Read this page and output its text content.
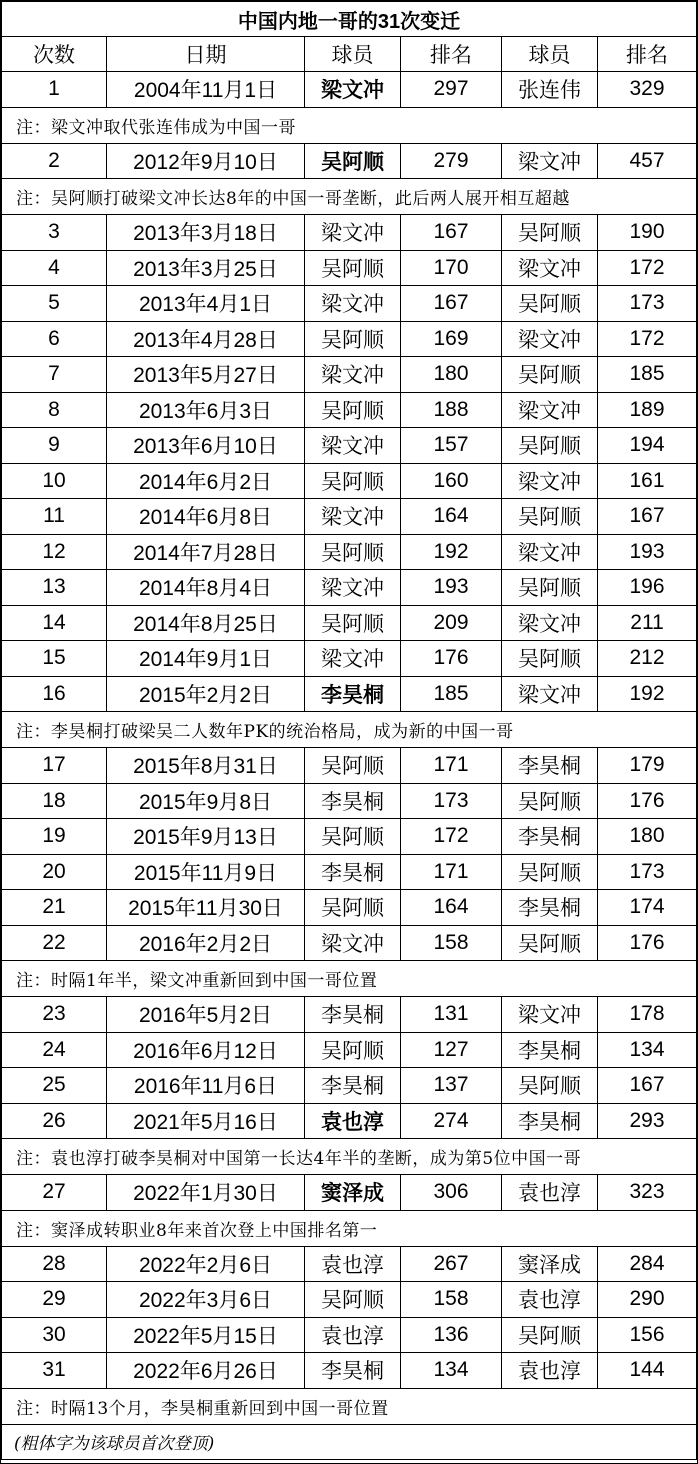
中国内地一哥的31次变迁					
次数	日期	球员	排名	球员	排名
1	2004年11月1日	梁文冲	297	张连伟	329
注：梁文冲取代张连伟成为中国一哥					
2	2012年9月10日	吴阿顺	279	梁文冲	457
注：吴阿顺打破梁文冲长达8年的中国一哥垄断，此后两人展开相互超越					
3	2013年3月18日	梁文冲	167	吴阿顺	190
4	2013年3月25日	吴阿顺	170	梁文冲	172
5	2013年4月1日	梁文冲	167	吴阿顺	173
6	2013年4月28日	吴阿顺	169	梁文冲	172
7	2013年5月27日	梁文冲	180	吴阿顺	185
8	2013年6月3日	吴阿顺	188	梁文冲	189
9	2013年6月10日	梁文冲	157	吴阿顺	194
10	2014年6月2日	吴阿顺	160	梁文冲	161
11	2014年6月8日	梁文冲	164	吴阿顺	167
12	2014年7月28日	吴阿顺	192	梁文冲	193
13	2014年8月4日	梁文冲	193	吴阿顺	196
14	2014年8月25日	吴阿顺	209	梁文冲	211
15	2014年9月1日	梁文冲	176	吴阿顺	212
16	2015年2月2日	李昊桐	185	梁文冲	192
注：李昊桐打破梁吴二人数年PK的统治格局，成为新的中国一哥					
17	2015年8月31日	吴阿顺	171	李昊桐	179
18	2015年9月8日	李昊桐	173	吴阿顺	176
19	2015年9月13日	吴阿顺	172	李昊桐	180
20	2015年11月9日	李昊桐	171	吴阿顺	173
21	2015年11月30日	吴阿顺	164	李昊桐	174
22	2016年2月2日	梁文冲	158	吴阿顺	176
注：时隔1年半，梁文冲重新回到中国一哥位置					
23	2016年5月2日	李昊桐	131	梁文冲	178
24	2016年6月12日	吴阿顺	127	李昊桐	134
25	2016年11月6日	李昊桐	137	吴阿顺	167
26	2021年5月16日	袁也淳	274	李昊桐	293
注：袁也淳打破李昊桐对中国第一长达4年半的垄断，成为第5位中国一哥					
27	2022年1月30日	窦泽成	306	袁也淳	323
注：窦泽成转职业8年来首次登上中国排名第一					
28	2022年2月6日	袁也淳	267	窦泽成	284
29	2022年3月6日	吴阿顺	158	袁也淳	290
30	2022年5月15日	袁也淳	136	吴阿顺	156
31	2022年6月26日	李昊桐	134	袁也淳	144
注：时隔13个月，李昊桐重新回到中国一哥位置					
(粗体字为该球员首次登顶)					
